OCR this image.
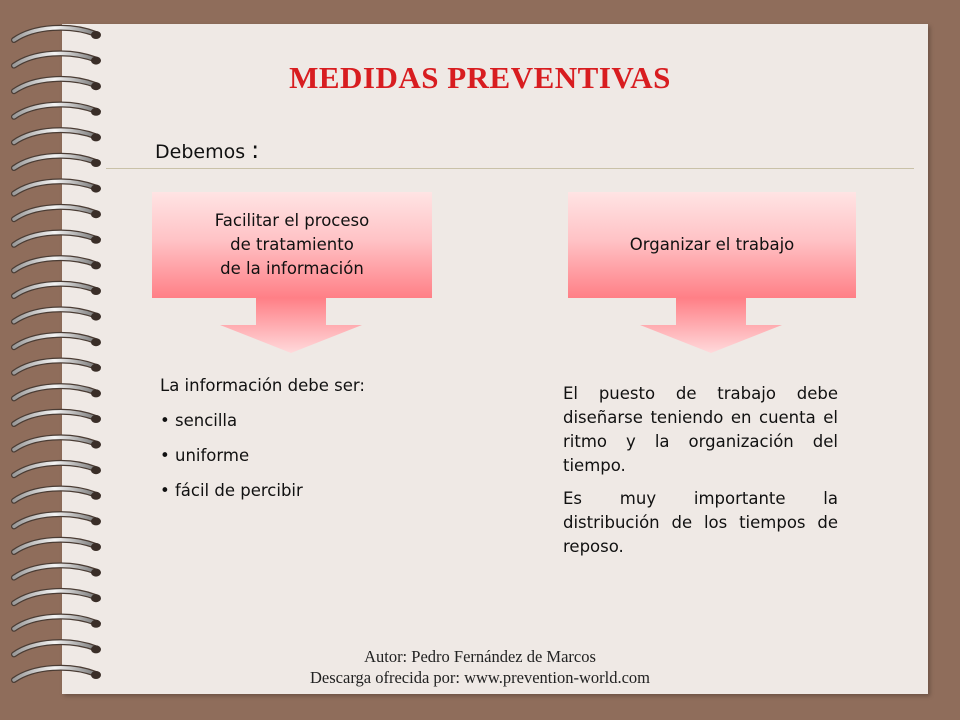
MEDIDAS PREVENTIVAS
Debemos :
Facilitar el proceso
de tratamiento
de la información
Organizar el trabajo
La información debe ser:
• sencilla
• uniforme
• fácil de percibir

El puesto de trabajo debe diseñarse teniendo en cuenta el ritmo y la organización del tiempo.

Es muy importante la distribución de los tiempos de reposo.

Autor: Pedro Fernández de Marcos
Descarga ofrecida por: www.prevention-world.com
